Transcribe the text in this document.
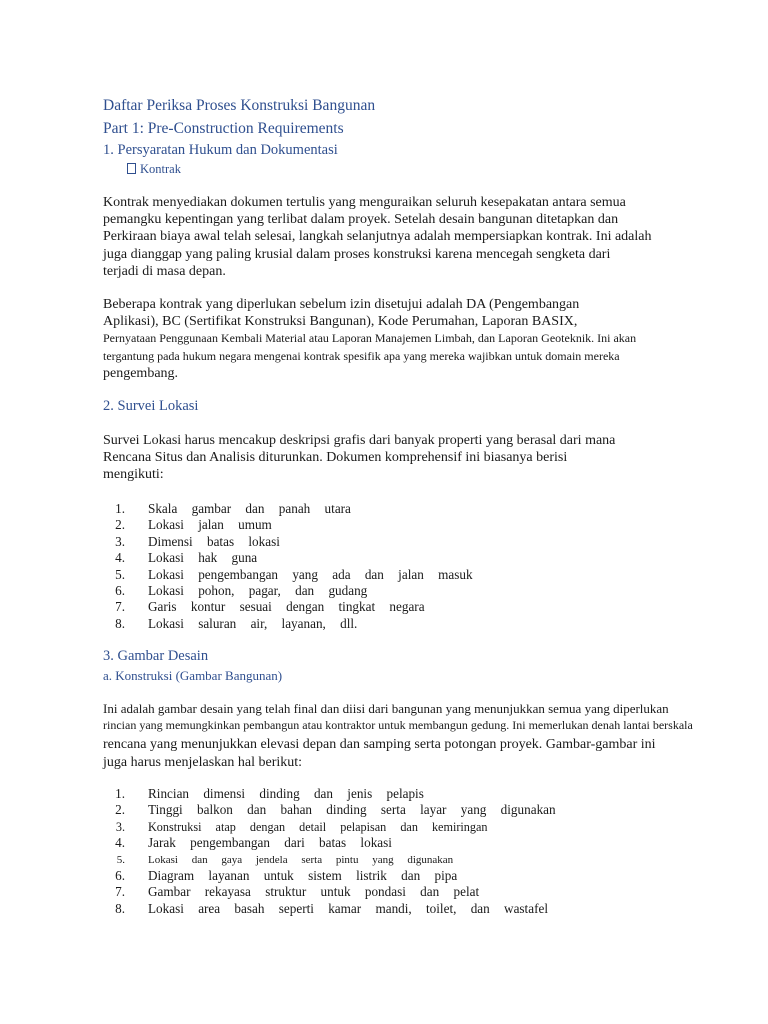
Daftar Periksa Proses Konstruksi Bangunan
Part 1: Pre-Construction Requirements
1. Persyaratan Hukum dan Dokumentasi
Kontrak
Kontrak menyediakan dokumen tertulis yang menguraikan seluruh kesepakatan antara semua
pemangku kepentingan yang terlibat dalam proyek. Setelah desain bangunan ditetapkan dan
Perkiraan biaya awal telah selesai, langkah selanjutnya adalah mempersiapkan kontrak. Ini adalah
juga dianggap yang paling krusial dalam proses konstruksi karena mencegah sengketa dari
terjadi di masa depan.
Beberapa kontrak yang diperlukan sebelum izin disetujui adalah DA (Pengembangan
Aplikasi), BC (Sertifikat Konstruksi Bangunan), Kode Perumahan, Laporan BASIX,
Pernyataan Penggunaan Kembali Material atau Laporan Manajemen Limbah, dan Laporan Geoteknik. Ini akan
tergantung pada hukum negara mengenai kontrak spesifik apa yang mereka wajibkan untuk domain mereka
pengembang.
2. Survei Lokasi
Survei Lokasi harus mencakup deskripsi grafis dari banyak properti yang berasal dari mana
Rencana Situs dan Analisis diturunkan. Dokumen komprehensif ini biasanya berisi
mengikuti:
1. Skala gambar dan panah utara
2. Lokasi jalan umum
3. Dimensi batas lokasi
4. Lokasi hak guna
5. Lokasi pengembangan yang ada dan jalan masuk
6. Lokasi pohon, pagar, dan gudang
7. Garis kontur sesuai dengan tingkat negara
8. Lokasi saluran air, layanan, dll.
3. Gambar Desain
a. Konstruksi (Gambar Bangunan)
Ini adalah gambar desain yang telah final dan diisi dari bangunan yang menunjukkan semua yang diperlukan
rincian yang memungkinkan pembangun atau kontraktor untuk membangun gedung. Ini memerlukan denah lantai berskala
rencana yang menunjukkan elevasi depan dan samping serta potongan proyek. Gambar-gambar ini
juga harus menjelaskan hal berikut:
1. Rincian dimensi dinding dan jenis pelapis
2. Tinggi balkon dan bahan dinding serta layar yang digunakan
3. Konstruksi atap dengan detail pelapisan dan kemiringan
4. Jarak pengembangan dari batas lokasi
5. Lokasi dan gaya jendela serta pintu yang digunakan
6. Diagram layanan untuk sistem listrik dan pipa
7. Gambar rekayasa struktur untuk pondasi dan pelat
8. Lokasi area basah seperti kamar mandi, toilet, dan wastafel
